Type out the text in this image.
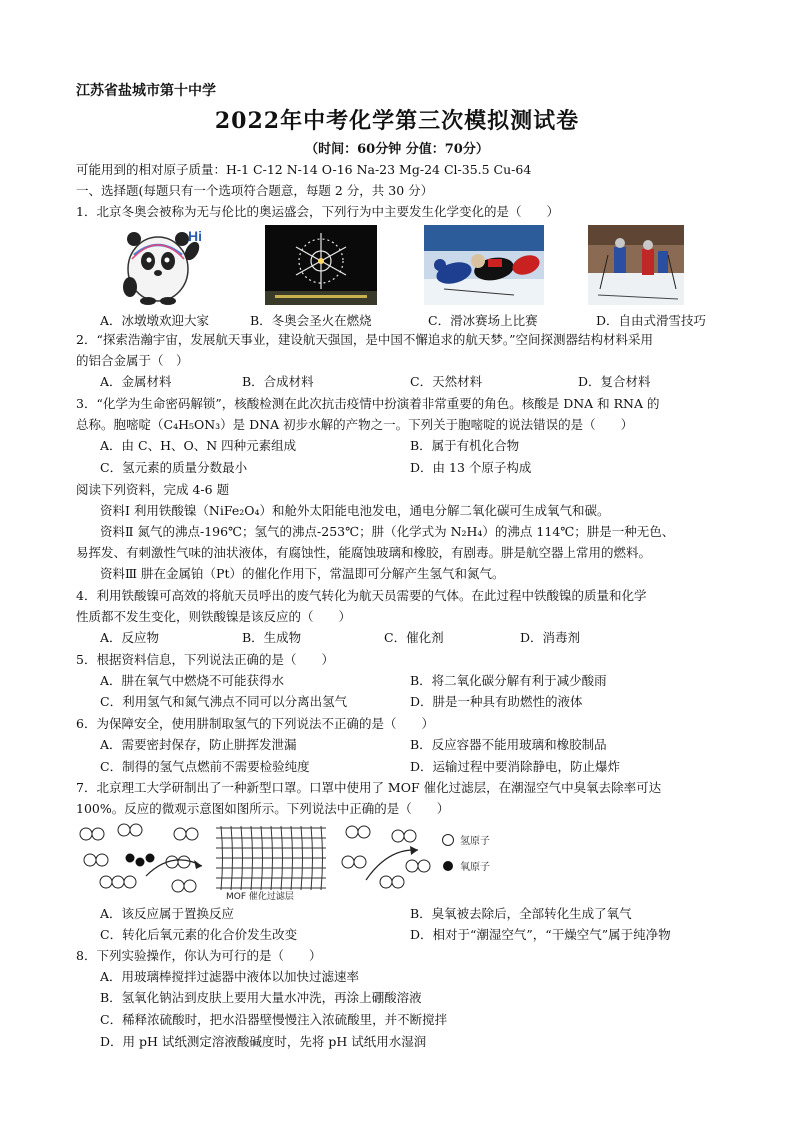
江苏省盐城市第十中学
2022年中考化学第三次模拟测试卷
（时间：60分钟 分值：70分）
可能用到的相对原子质量：H-1 C-12 N-14 O-16 Na-23 Mg-24 Cl-35.5 Cu-64
一、选择题(每题只有一个选项符合题意，每题 2 分，共 30 分）
1．北京冬奥会被称为无与伦比的奥运盛会，下列行为中主要发生化学变化的是（　　）
Hi
A．冰墩墩欢迎大家	B．冬奥会圣火在燃烧	C．滑冰赛场上比赛	D．自由式滑雪技巧
2．“探索浩瀚宇宙，发展航天事业，建设航天强国，是中国不懈追求的航天梦。”空间探测器结构材料采用
的铝合金属于（　）
A．金属材料	B．合成材料	C．天然材料	D．复合材料
3．“化学为生命密码解锁”，核酸检测在此次抗击疫情中扮演着非常重要的角色。核酸是 DNA 和 RNA 的
总称。胞嘧啶（C₄H₅ON₃）是 DNA 初步水解的产物之一。下列关于胞嘧啶的说法错误的是（　　）
A．由 C、H、O、N 四种元素组成	B．属于有机化合物
C．氢元素的质量分数最小	D．由 13 个原子构成
阅读下列资料，完成 4-6 题
资料Ⅰ 利用铁酸镍（NiFe₂O₄）和舱外太阳能电池发电，通电分解二氧化碳可生成氧气和碳。
资料Ⅱ 氮气的沸点-196℃；氢气的沸点-253℃；肼（化学式为 N₂H₄）的沸点 114℃；肼是一种无色、
易挥发、有刺激性气味的油状液体，有腐蚀性，能腐蚀玻璃和橡胶，有剧毒。肼是航空器上常用的燃料。
资料Ⅲ 肼在金属铂（Pt）的催化作用下，常温即可分解产生氢气和氮气。
4．利用铁酸镍可高效的将航天员呼出的废气转化为航天员需要的气体。在此过程中铁酸镍的质量和化学
性质都不发生变化，则铁酸镍是该反应的（　　）
A．反应物	B．生成物	C．催化剂	D．消毒剂
5．根据资料信息，下列说法正确的是（　　）
A．肼在氧气中燃烧不可能获得水	B．将二氧化碳分解有利于减少酸雨
C．利用氢气和氮气沸点不同可以分离出氢气	D．肼是一种具有助燃性的液体
6．为保障安全，使用肼制取氢气的下列说法不正确的是（　　）
A．需要密封保存，防止肼挥发泄漏	B．反应容器不能用玻璃和橡胶制品
C．制得的氢气点燃前不需要检验纯度	D．运输过程中要消除静电，防止爆炸
7．北京理工大学研制出了一种新型口罩。口罩中使用了 MOF 催化过滤层，在潮湿空气中臭氧去除率可达
100%。反应的微观示意图如图所示。下列说法中正确的是（　　）
MOF 催化过滤层
氢原子
氧原子
A．该反应属于置换反应	B．臭氧被去除后，全部转化生成了氧气
C．转化后氧元素的化合价发生改变	D．相对于“潮湿空气”，“干燥空气”属于纯净物
8．下列实验操作，你认为可行的是（　　）
A．用玻璃棒搅拌过滤器中液体以加快过滤速率
B．氢氧化钠沾到皮肤上要用大量水冲洗，再涂上硼酸溶液
C．稀释浓硫酸时，把水沿器壁慢慢注入浓硫酸里，并不断搅拌
D．用 pH 试纸测定溶液酸碱度时，先将 pH 试纸用水湿润
